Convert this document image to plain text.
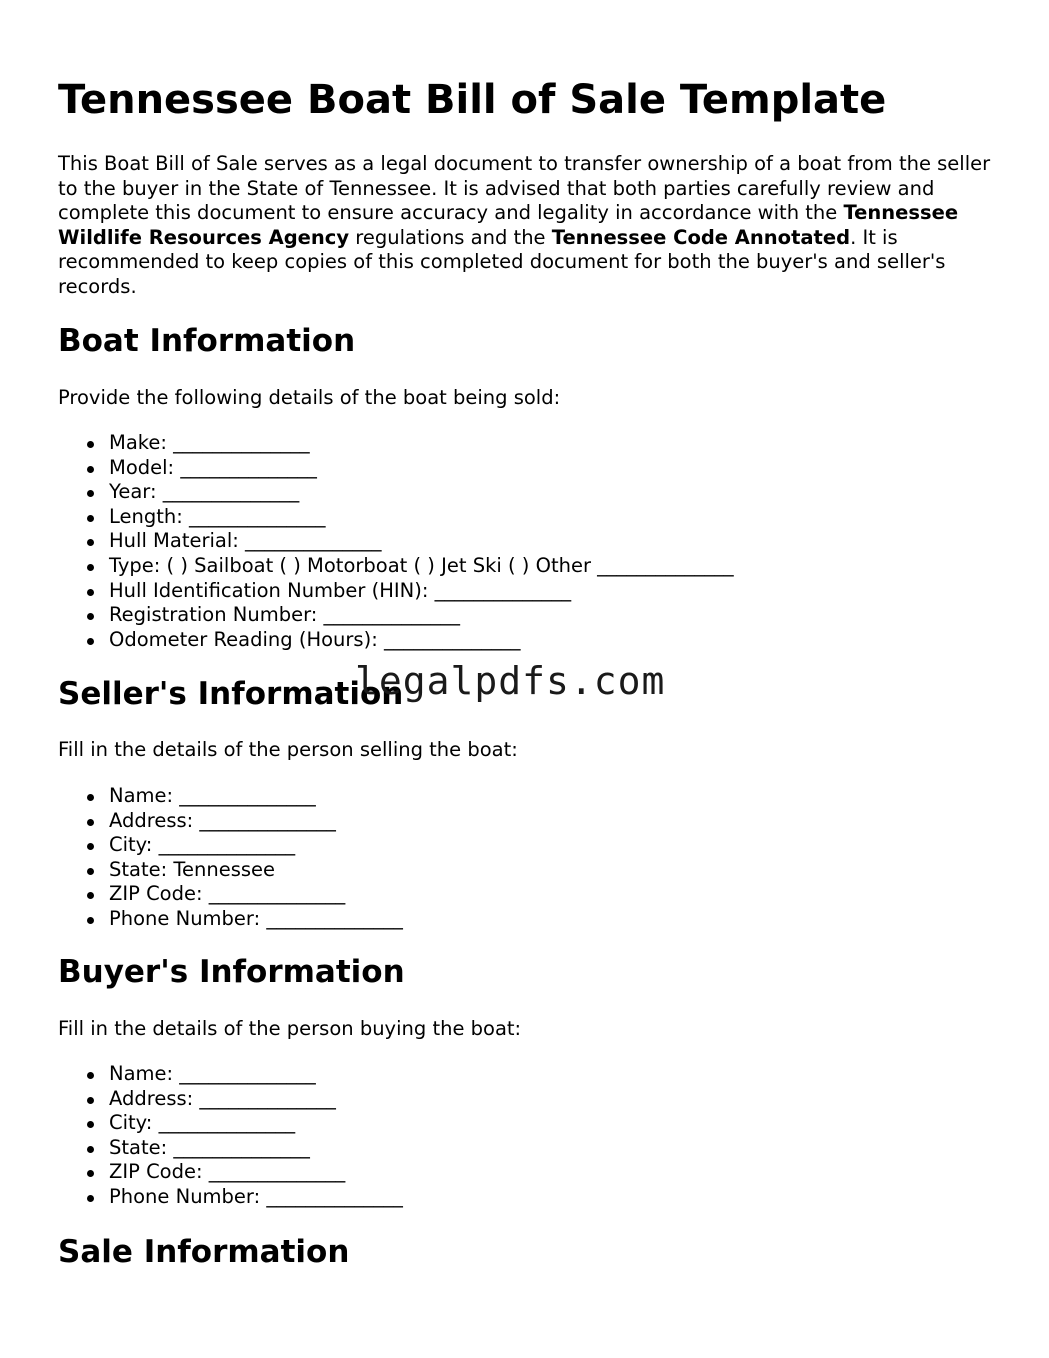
Tennessee Boat Bill of Sale Template

This Boat Bill of Sale serves as a legal document to transfer ownership of a boat from the seller to the buyer in the State of Tennessee. It is advised that both parties carefully review and complete this document to ensure accuracy and legality in accordance with the Tennessee Wildlife Resources Agency regulations and the Tennessee Code Annotated. It is recommended to keep copies of this completed document for both the buyer's and seller's records.

Boat Information

Provide the following details of the boat being sold:

Make: ______________
Model: ______________
Year: ______________
Length: ______________
Hull Material: ______________
Type: ( ) Sailboat ( ) Motorboat ( ) Jet Ski ( ) Other ______________
Hull Identification Number (HIN): ______________
Registration Number: ______________
Odometer Reading (Hours): ______________
Seller's Information

Fill in the details of the person selling the boat:

Name: ______________
Address: ______________
City: ______________
State: Tennessee
ZIP Code: ______________
Phone Number: ______________
Buyer's Information

Fill in the details of the person buying the boat:

Name: ______________
Address: ______________
City: ______________
State: ______________
ZIP Code: ______________
Phone Number: ______________
Sale Information
legalpdfs.com
